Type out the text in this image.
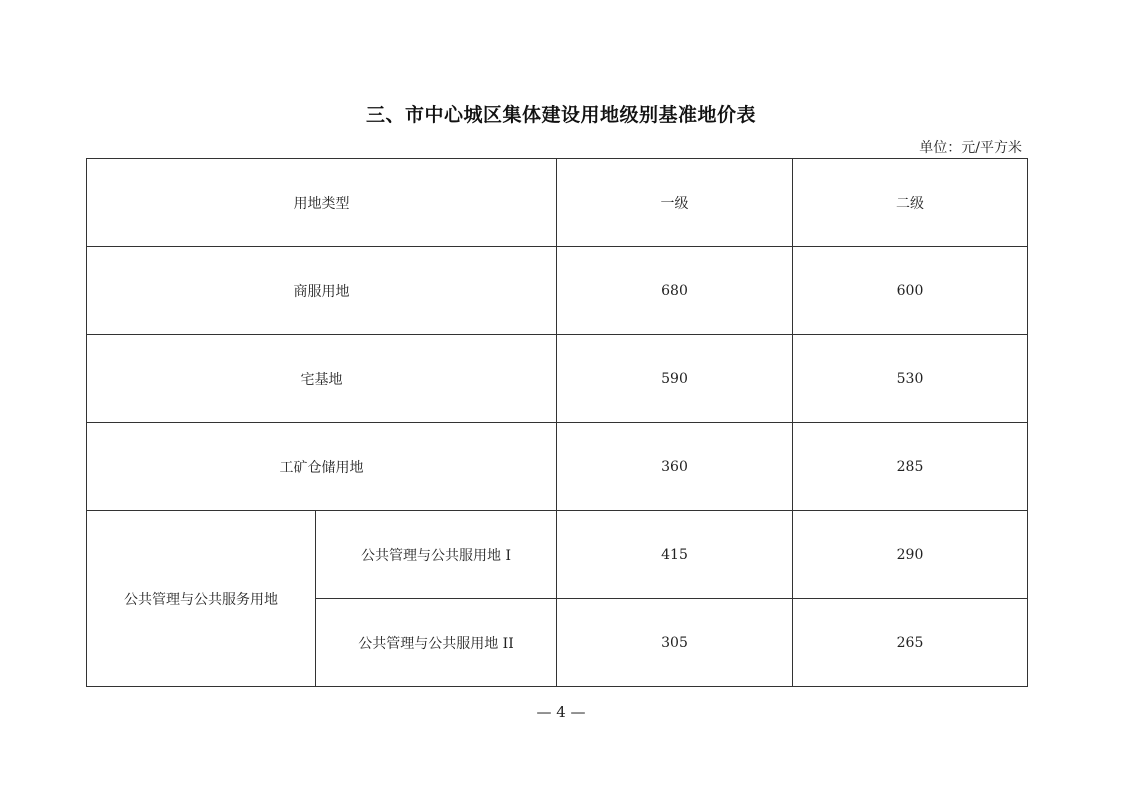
三、市中心城区集体建设用地级别基准地价表
单位：元/平方米
用地类型		一级	二级
商服用地		680	600
宅基地		590	530
工矿仓储用地		360	285
公共管理与公共服务用地	公共管理与公共服用地 I	415	290
	公共管理与公共服用地 II	305	265
— 4 —
